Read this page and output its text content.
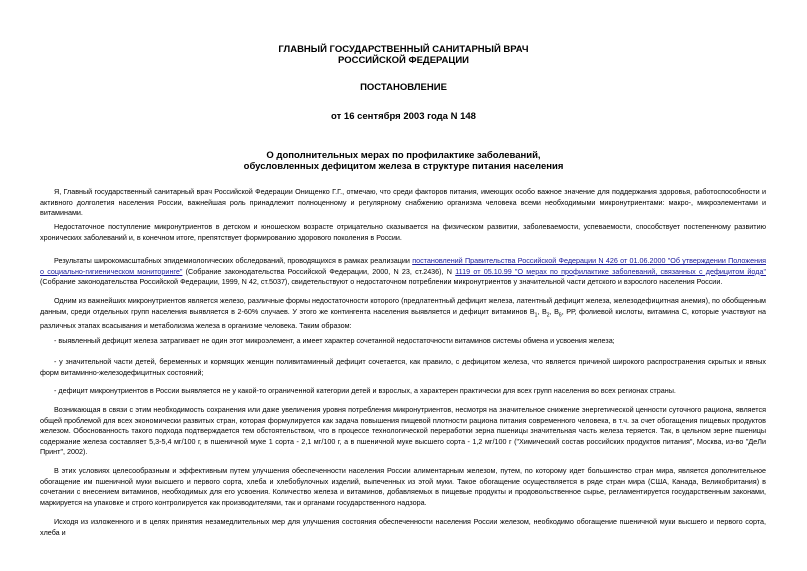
ГЛАВНЫЙ ГОСУДАРСТВЕННЫЙ САНИТАРНЫЙ ВРАЧ
РОССИЙСКОЙ ФЕДЕРАЦИИ
ПОСТАНОВЛЕНИЕ
от 16 сентября 2003 года N 148
О дополнительных мерах по профилактике заболеваний,
обусловленных дефицитом железа в структуре питания населения
Я, Главный государственный санитарный врач Российской Федерации Онищенко Г.Г., отмечаю, что среди факторов питания, имеющих особо важное значение для поддержания здоровья, работоспособности и активного долголетия населения России, важнейшая роль принадлежит полноценному и регулярному снабжению организма человека всеми необходимыми микронутриентами: макро-, микроэлементами и витаминами.
Недостаточное поступление микронутриентов в детском и юношеском возрасте отрицательно сказывается на физическом развитии, заболеваемости, успеваемости, способствует постепенному развитию хронических заболеваний и, в конечном итоге, препятствует формированию здорового поколения в России.
Результаты широкомасштабных эпидемиологических обследований, проводящихся в рамках реализации постановлений Правительства Российской Федерации N 426 от 01.06.2000 "Об утверждении Положения о социально-гигиеническом мониторинге" (Собрание законодательства Российской Федерации, 2000, N 23, ст.2436), N 1119 от 05.10.99 "О мерах по профилактике заболеваний, связанных с дефицитом йода" (Собрание законодательства Российской Федерации, 1999, N 42, ст.5037), свидетельствуют о недостаточном потреблении микронутриентов у значительной части детского и взрослого населения России.
Одним из важнейших микронутриентов является железо, различные формы недостаточности которого (предлатентный дефицит железа, латентный дефицит железа, железодефицитная анемия), по обобщенным данным, среди отдельных групп населения выявляется в 2-60% случаев. У этого же контингента населения выявляется и дефицит витаминов $В_1$, $В_2$, $В_6$, РР, фолиевой кислоты, витамина С, которые участвуют на различных этапах всасывания и метаболизма железа в организме человека. Таким образом:
- выявленный дефицит железа затрагивает не один этот микроэлемент, а имеет характер сочетанной недостаточности витаминов системы обмена и усвоения железа;
- у значительной части детей, беременных и кормящих женщин поливитаминный дефицит сочетается, как правило, с дефицитом железа, что является причиной широкого распространения скрытых и явных форм витаминно-железодефицитных состояний;
- дефицит микронутриентов в России выявляется не у какой-то ограниченной категории детей и взрослых, а характерен практически для всех групп населения во всех регионах страны.
Возникающая в связи с этим необходимость сохранения или даже увеличения уровня потребления микронутриентов, несмотря на значительное снижение энергетической ценности суточного рациона, является общей проблемой для всех экономически развитых стран, которая формулируется как задача повышения пищевой плотности рациона питания современного человека, в т.ч. за счет обогащения пищевых продуктов железом. Обоснованность такого подхода подтверждается тем обстоятельством, что в процессе технологической переработки зерна пшеницы значительная часть железа теряется. Так, в цельном зерне пшеницы содержание железа составляет 5,3-5,4 мг/100 г, в пшеничной муке 1 сорта - 2,1 мг/100 г, а в пшеничной муке высшего сорта - 1,2 мг/100 г ("Химический состав российских продуктов питания", Москва, из-во "ДеЛи Принт", 2002).
В этих условиях целесообразным и эффективным путем улучшения обеспеченности населения России алиментарным железом, путем, по которому идет большинство стран мира, является дополнительное обогащение им пшеничной муки высшего и первого сорта, хлеба и хлебобулочных изделий, выпеченных из этой муки. Такое обогащение осуществляется в ряде стран мира (США, Канада, Великобритания) в сочетании с внесением витаминов, необходимых для его усвоения. Количество железа и витаминов, добавляемых в пищевые продукты и продовольственное сырье, регламентируется государственным законами, маркируется на упаковке и строго контролируется как производителями, так и органами государственного надзора.
Исходя из изложенного и в целях принятия незамедлительных мер для улучшения состояния обеспеченности населения России железом, необходимо обогащение пшеничной муки высшего и первого сорта, хлеба и
